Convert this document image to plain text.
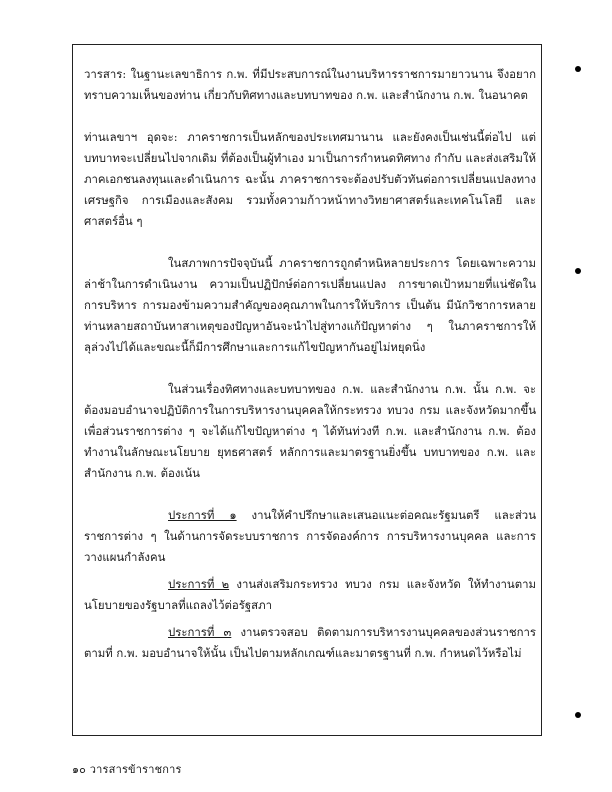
วารสาร: ในฐานะเลขาธิการ ก.พ. ที่มีประสบการณ์ในงานบริหารราชการมายาวนาน จึงอยากทราบความเห็นของท่าน เกี่ยวกับทิศทางและบทบาทของ ก.พ. และสำนักงาน ก.พ. ในอนาคต

ท่านเลขาฯ อุดจะ: ภาคราชการเป็นหลักของประเทศมานาน และยังคงเป็นเช่นนี้ต่อไป แต่บทบาทจะเปลี่ยนไปจากเดิม ที่ต้องเป็นผู้ทำเอง มาเป็นการกำหนดทิศทาง กำกับ และส่งเสริมให้ภาคเอกชนลงทุนและดำเนินการ ฉะนั้น ภาคราชการจะต้องปรับตัวทันต่อการเปลี่ยนแปลงทางเศรษฐกิจ การเมืองและสังคม รวมทั้งความก้าวหน้าทางวิทยาศาสตร์และเทคโนโลยี และศาสตร์อื่น ๆ

ในสภาพการปัจจุบันนี้ ภาคราชการถูกตำหนิหลายประการ โดยเฉพาะความล่าช้าในการดำเนินงาน ความเป็นปฏิปักษ์ต่อการเปลี่ยนแปลง การขาดเป้าหมายที่แน่ชัดในการบริหาร การมองข้ามความสำคัญของคุณภาพในการให้บริการ เป็นต้น มีนักวิชาการหลายท่านหลายสถาบันหาสาเหตุของปัญหาอันจะนำไปสู่ทางแก้ปัญหาต่าง ๆ ในภาคราชการให้ลุล่วงไปได้และขณะนี้ก็มีการศึกษาและการแก้ไขปัญหากันอยู่ไม่หยุดนิ่ง

ในส่วนเรื่องทิศทางและบทบาทของ ก.พ. และสำนักงาน ก.พ. นั้น ก.พ. จะต้องมอบอำนาจปฏิบัติการในการบริหารงานบุคคลให้กระทรวง ทบวง กรม และจังหวัดมากขึ้น เพื่อส่วนราชการต่าง ๆ จะได้แก้ไขปัญหาต่าง ๆ ได้ทันท่วงที ก.พ. และสำนักงาน ก.พ. ต้อง ทำงานในลักษณะนโยบาย ยุทธศาสตร์ หลักการและมาตรฐานยิ่งขึ้น บทบาทของ ก.พ. และสำนักงาน ก.พ. ต้องเน้น

ประการที่ ๑ งานให้คำปรึกษาและเสนอแนะต่อคณะรัฐมนตรี และส่วนราชการต่าง ๆ ในด้านการจัดระบบราชการ การจัดองค์การ การบริหารงานบุคคล และการวางแผนกำลังคน

ประการที่ ๒ งานส่งเสริมกระทรวง ทบวง กรม และจังหวัด ให้ทำงานตามนโยบายของรัฐบาลที่แถลงไว้ต่อรัฐสภา

ประการที่ ๓ งานตรวจสอบ ติดตามการบริหารงานบุคคลของส่วนราชการตามที่ ก.พ. มอบอำนาจให้นั้น เป็นไปตามหลักเกณฑ์และมาตรฐานที่ ก.พ. กำหนดไว้หรือไม่

๑๐ วารสารข้าราชการ
